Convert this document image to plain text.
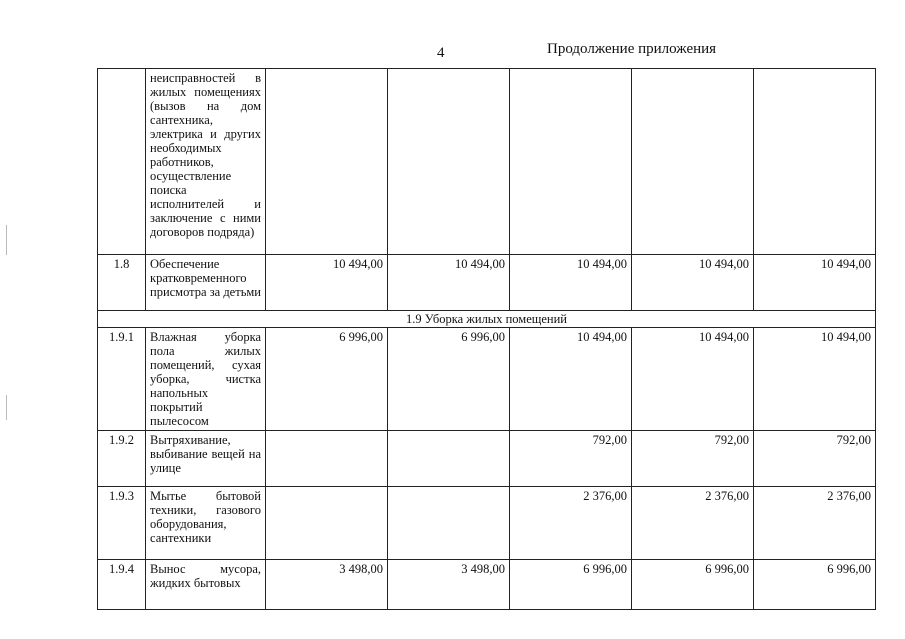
4	Продолжение приложения
	неисправностей в жилых помещениях (вызов на дом сантехника, электрика и других необходимых работников, осуществление поиска исполнителей и заключение с ними договоров подряда)					
1.8	Обеспечение кратковременного присмотра за детьми	10 494,00	10 494,00	10 494,00	10 494,00	10 494,00
1.9 Уборка жилых помещений						
1.9.1	Влажная уборка пола жилых помещений, сухая уборка, чистка напольных покрытий пылесосом	6 996,00	6 996,00	10 494,00	10 494,00	10 494,00
1.9.2	Вытряхивание, выбивание вещей на улице			792,00	792,00	792,00
1.9.3	Мытье бытовой техники, газового оборудования, сантехники			2 376,00	2 376,00	2 376,00
1.9.4	Вынос мусора, жидких бытовых	3 498,00	3 498,00	6 996,00	6 996,00	6 996,00
